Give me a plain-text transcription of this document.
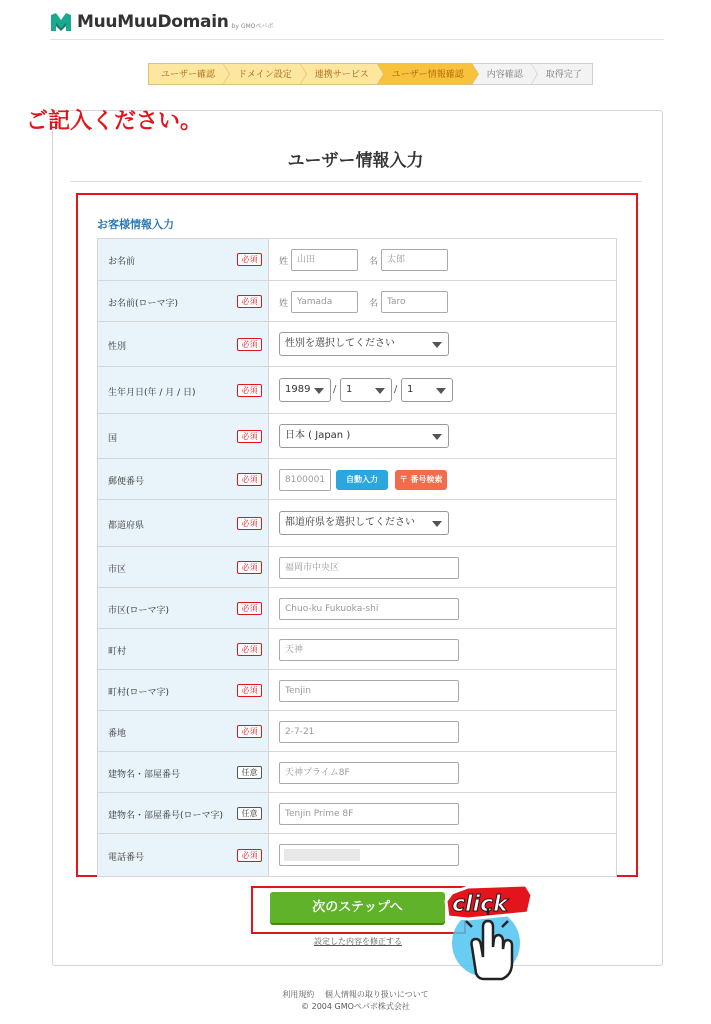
MuuMuuDomain by GMOペパボ
ユーザー確認	ドメイン設定	連携サービス	ユーザー情報確認	内容確認	取得完了
ご記入ください。
ユーザー情報入力
お客様情報入力
お名前	必須	姓 山田	名 太郎
お名前(ローマ字)	必須	姓 Yamada	名 Taro
性別	必須	性別を選択してください
生年月日(年 / 月 / 日)	必須	1989	/ 1	/ 1
国	必須	日本 ( Japan )
郵便番号	必須	8100001	自動入力	〒 番号検索
都道府県	必須	都道府県を選択してください
市区	必須	福岡市中央区
市区(ローマ字)	必須	Chuo-ku Fukuoka-shi
町村	必須	天神
町村(ローマ字)	必須	Tenjin
番地	必須	2-7-21
建物名・部屋番号	任意	天神プライム8F
建物名・部屋番号(ローマ字)	任意	Tenjin Prime 8F
電話番号	必須
次のステップへ
設定した内容を修正する
click
利用規約 個人情報の取り扱いについて
© 2004 GMOペパボ株式会社
